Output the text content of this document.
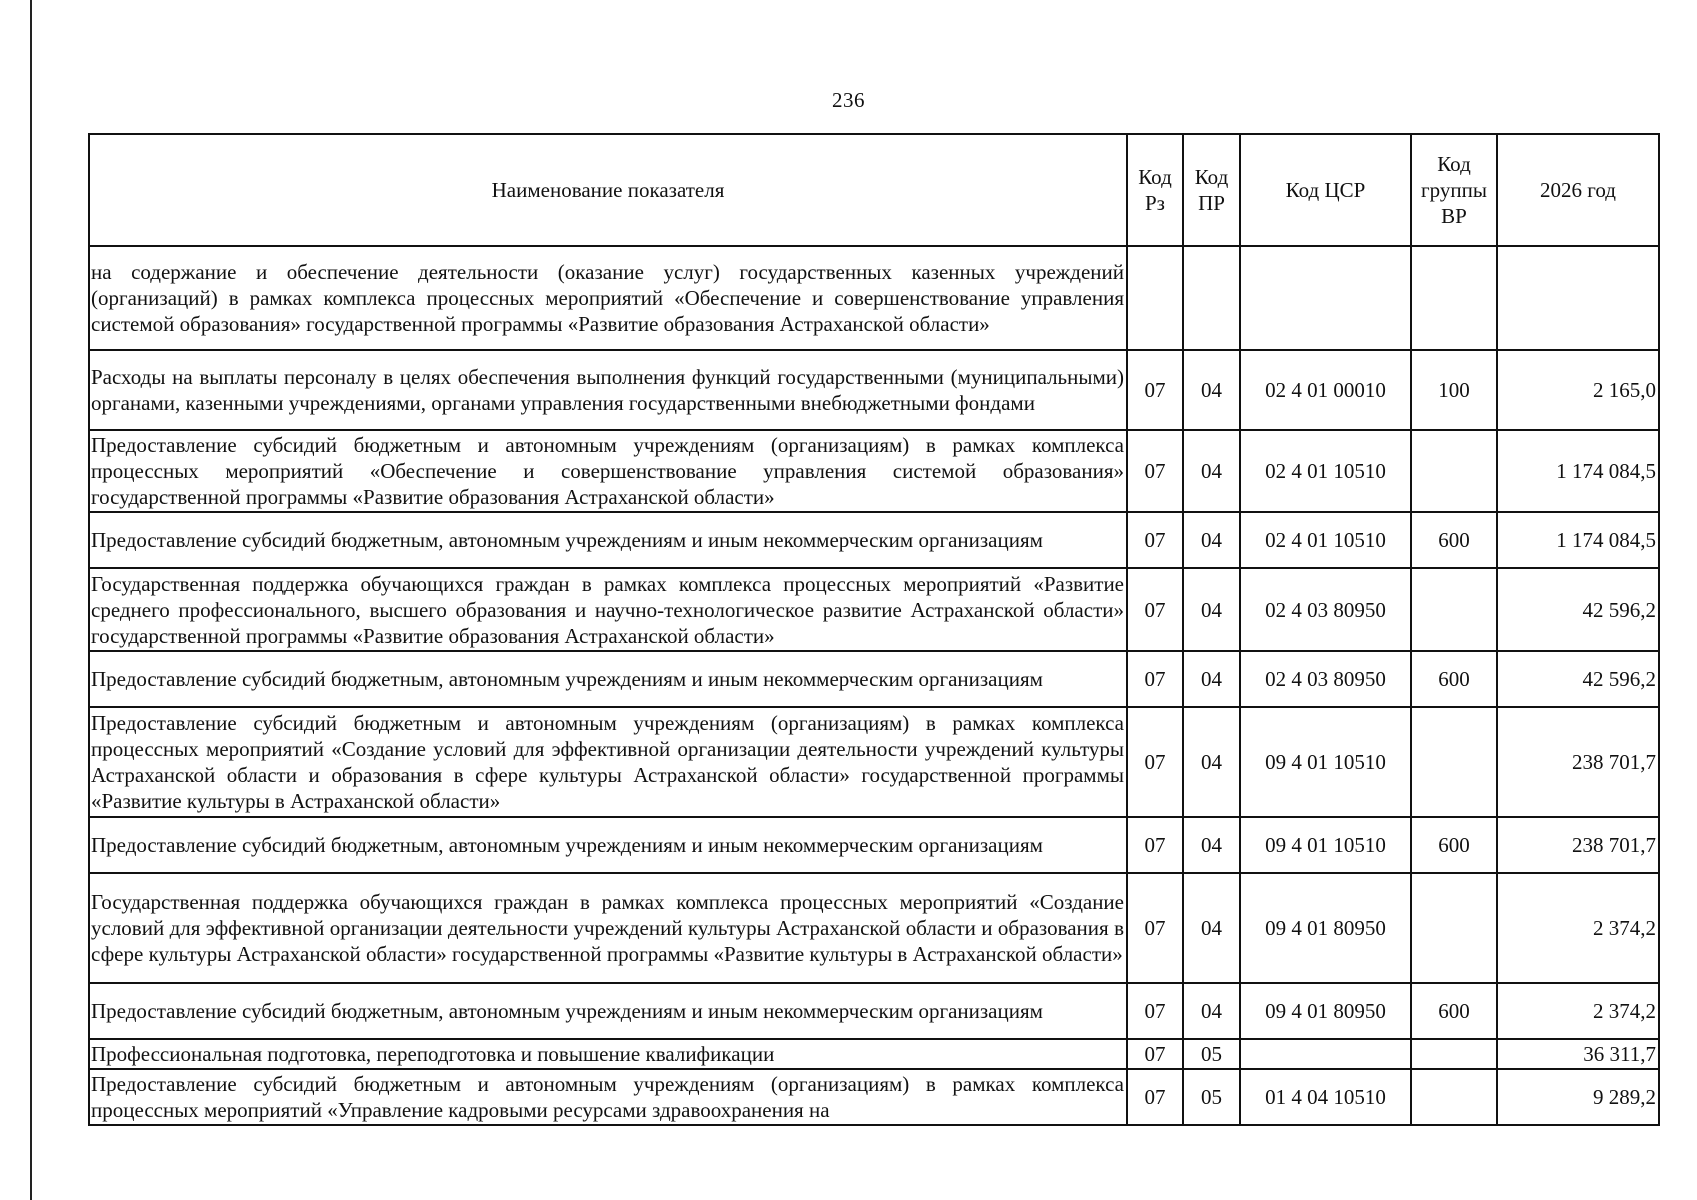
236
Наименование показателя	Код Рз	Код ПР	Код ЦСР	Код группы ВР	2026 год
на содержание и обеспечение деятельности (оказание услуг) государственных казенных учреждений (организаций) в рамках комплекса процессных мероприятий «Обеспечение и совершенствование управления системой образования» государственной программы «Развитие образования Астраханской области»					
Расходы на выплаты персоналу в целях обеспечения выполнения функций государственными (муниципальными) органами, казенными учреждениями, органами управления государственными внебюджетными фондами	07	04	02 4 01 00010	100	2 165,0
Предоставление субсидий бюджетным и автономным учреждениям (организациям) в рамках комплекса процессных мероприятий «Обеспечение и совершенствование управления системой образования» государственной программы «Развитие образования Астраханской области»	07	04	02 4 01 10510		1 174 084,5
Предоставление субсидий бюджетным, автономным учреждениям и иным некоммерческим организациям	07	04	02 4 01 10510	600	1 174 084,5
Государственная поддержка обучающихся граждан в рамках комплекса процессных мероприятий «Развитие среднего профессионального, высшего образования и научно-технологическое развитие Астраханской области» государственной программы «Развитие образования Астраханской области»	07	04	02 4 03 80950		42 596,2
Предоставление субсидий бюджетным, автономным учреждениям и иным некоммерческим организациям	07	04	02 4 03 80950	600	42 596,2
Предоставление субсидий бюджетным и автономным учреждениям (организациям) в рамках комплекса процессных мероприятий «Создание условий для эффективной организации деятельности учреждений культуры Астраханской области и образования в сфере культуры Астраханской области» государственной программы «Развитие культуры в Астраханской области»	07	04	09 4 01 10510		238 701,7
Предоставление субсидий бюджетным, автономным учреждениям и иным некоммерческим организациям	07	04	09 4 01 10510	600	238 701,7
Государственная поддержка обучающихся граждан в рамках комплекса процессных мероприятий «Создание условий для эффективной организации деятельности учреждений культуры Астраханской области и образования в сфере культуры Астраханской области» государственной программы «Развитие культуры в Астраханской области»	07	04	09 4 01 80950		2 374,2
Предоставление субсидий бюджетным, автономным учреждениям и иным некоммерческим организациям	07	04	09 4 01 80950	600	2 374,2
Профессиональная подготовка, переподготовка и повышение квалификации	07	05			36 311,7
Предоставление субсидий бюджетным и автономным учреждениям (организациям) в рамках комплекса процессных мероприятий «Управление кадровыми ресурсами здравоохранения на	07	05	01 4 04 10510		9 289,2
